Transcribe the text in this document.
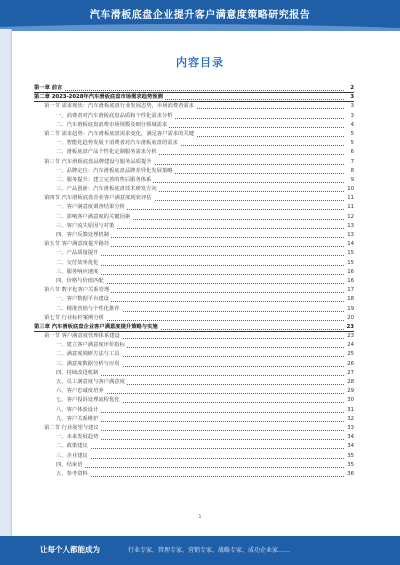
汽车滑板底盘企业提升客户满意度策略研究报告
内容目录
第一章 前言	2
第二章 2023-2028年汽车滑板底盘市场需求趋势预测	3
第一节 需求现状：汽车滑板底盘行业发展态势，市场消费者需求	3
一、消费者对汽车滑板底盘品质和个性化需求分析	3
二、汽车滑板底盘消费市场规模及细分领域需求	4
第二节 需求趋势：汽车滑板底盘需求变化，满足客户需求的关键	5
一、智能化趋势发展下消费者对汽车滑板底盘的需求	5
二、滑板底盘产品个性化定制服务需求分析	6
第三节 汽车滑板底盘品牌建设与服务品质提升	7
一、品牌定位：汽车滑板底盘品牌差异化发展策略	8
二、服务提升：建立完善的售后服务体系	9
三、产品创新：汽车滑板底盘技术研发方向	10
第四节 汽车滑板底盘企业客户满意度现状评估	11
一、客户满意度调查结果分析	11
二、影响客户满意度的关键因素	12
三、客户流失原因与对策	13
四、客户反馈处理机制	13
第五节 客户满意度提升路径	14
一、产品质量提升	15
二、交付效率优化	15
三、服务响应速度	16
四、价格与价值匹配	16
第六节 数字化客户关系管理	17
一、客户数据平台建设	18
二、精准营销与个性化推荐	19
第七节 行业标杆案例分析	20
第三章 汽车滑板底盘企业客户满意度提升策略与实施	23
第一节 客户满意度管理体系建设	23
一、建立客户满意度评价指标	24
二、满意度调研方法与工具	25
三、满意度数据分析与应用	26
四、持续改进机制	27
五、员工满意度与客户满意度	28
六、客户忠诚度培养	29
七、客户投诉处理流程优化	30
八、客户体验设计	31
九、客户关系维护	32
第二节 行业展望与建议	33
一、未来发展趋势	34
二、政策建议	34
三、企业建议	35
四、结束语	35
五、参考资料	36
1
让每个人都能成为	行业专家、管理专家、营销专家、战略专家、成功企业家……
